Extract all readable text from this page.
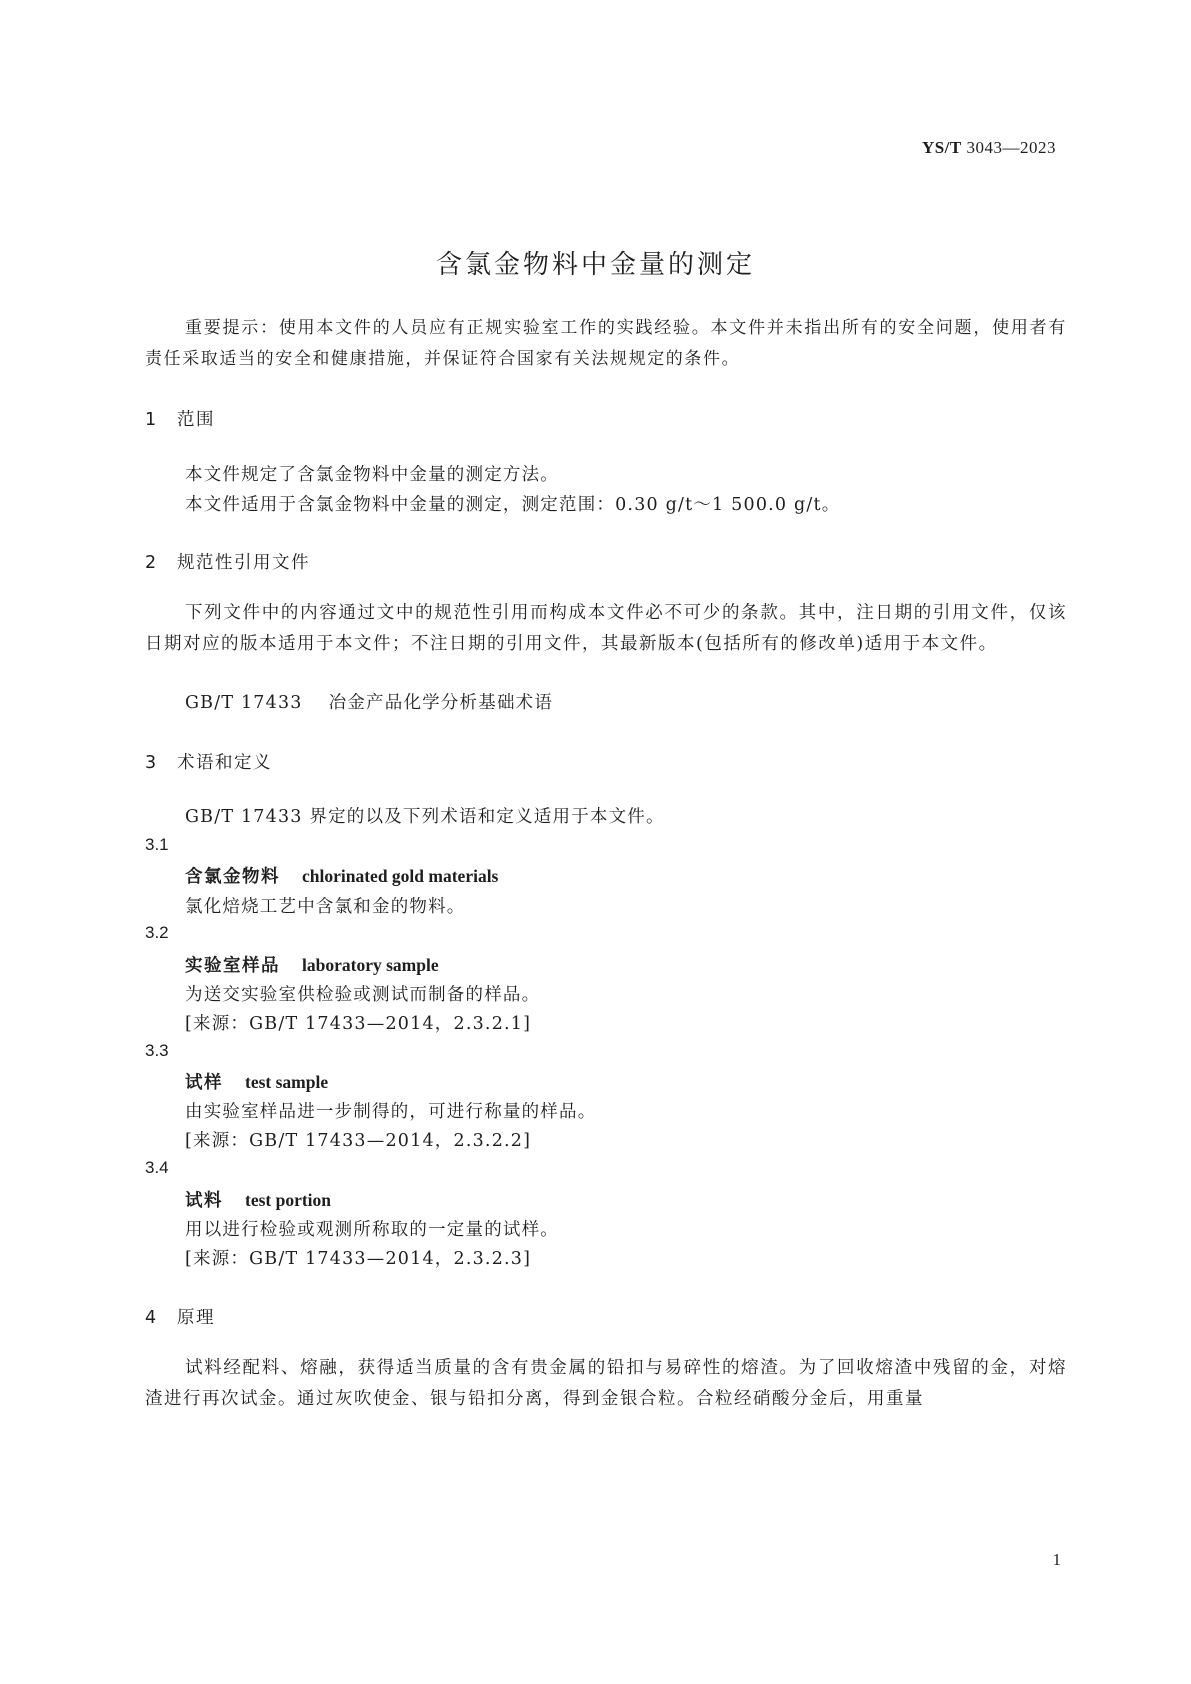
YS/T 3043—2023
含氯金物料中金量的测定
重要提示：使用本文件的人员应有正规实验室工作的实践经验。本文件并未指出所有的安全问题，使用者有责任采取适当的安全和健康措施，并保证符合国家有关法规规定的条件。
1 范围
本文件规定了含氯金物料中金量的测定方法。
本文件适用于含氯金物料中金量的测定，测定范围：0.30 g/t～1 500.0 g/t。
2 规范性引用文件
下列文件中的内容通过文中的规范性引用而构成本文件必不可少的条款。其中，注日期的引用文件，仅该日期对应的版本适用于本文件；不注日期的引用文件，其最新版本(包括所有的修改单)适用于本文件。
GB/T 17433 冶金产品化学分析基础术语
3 术语和定义
GB/T 17433 界定的以及下列术语和定义适用于本文件。
3.1
含氯金物料 chlorinated gold materials
氯化焙烧工艺中含氯和金的物料。
3.2
实验室样品 laboratory sample
为送交实验室供检验或测试而制备的样品。
[来源：GB/T 17433—2014，2.3.2.1]
3.3
试样 test sample
由实验室样品进一步制得的，可进行称量的样品。
[来源：GB/T 17433—2014，2.3.2.2]
3.4
试料 test portion
用以进行检验或观测所称取的一定量的试样。
[来源：GB/T 17433—2014，2.3.2.3]
4 原理
试料经配料、熔融，获得适当质量的含有贵金属的铅扣与易碎性的熔渣。为了回收熔渣中残留的金，对熔渣进行再次试金。通过灰吹使金、银与铅扣分离，得到金银合粒。合粒经硝酸分金后，用重量
1
